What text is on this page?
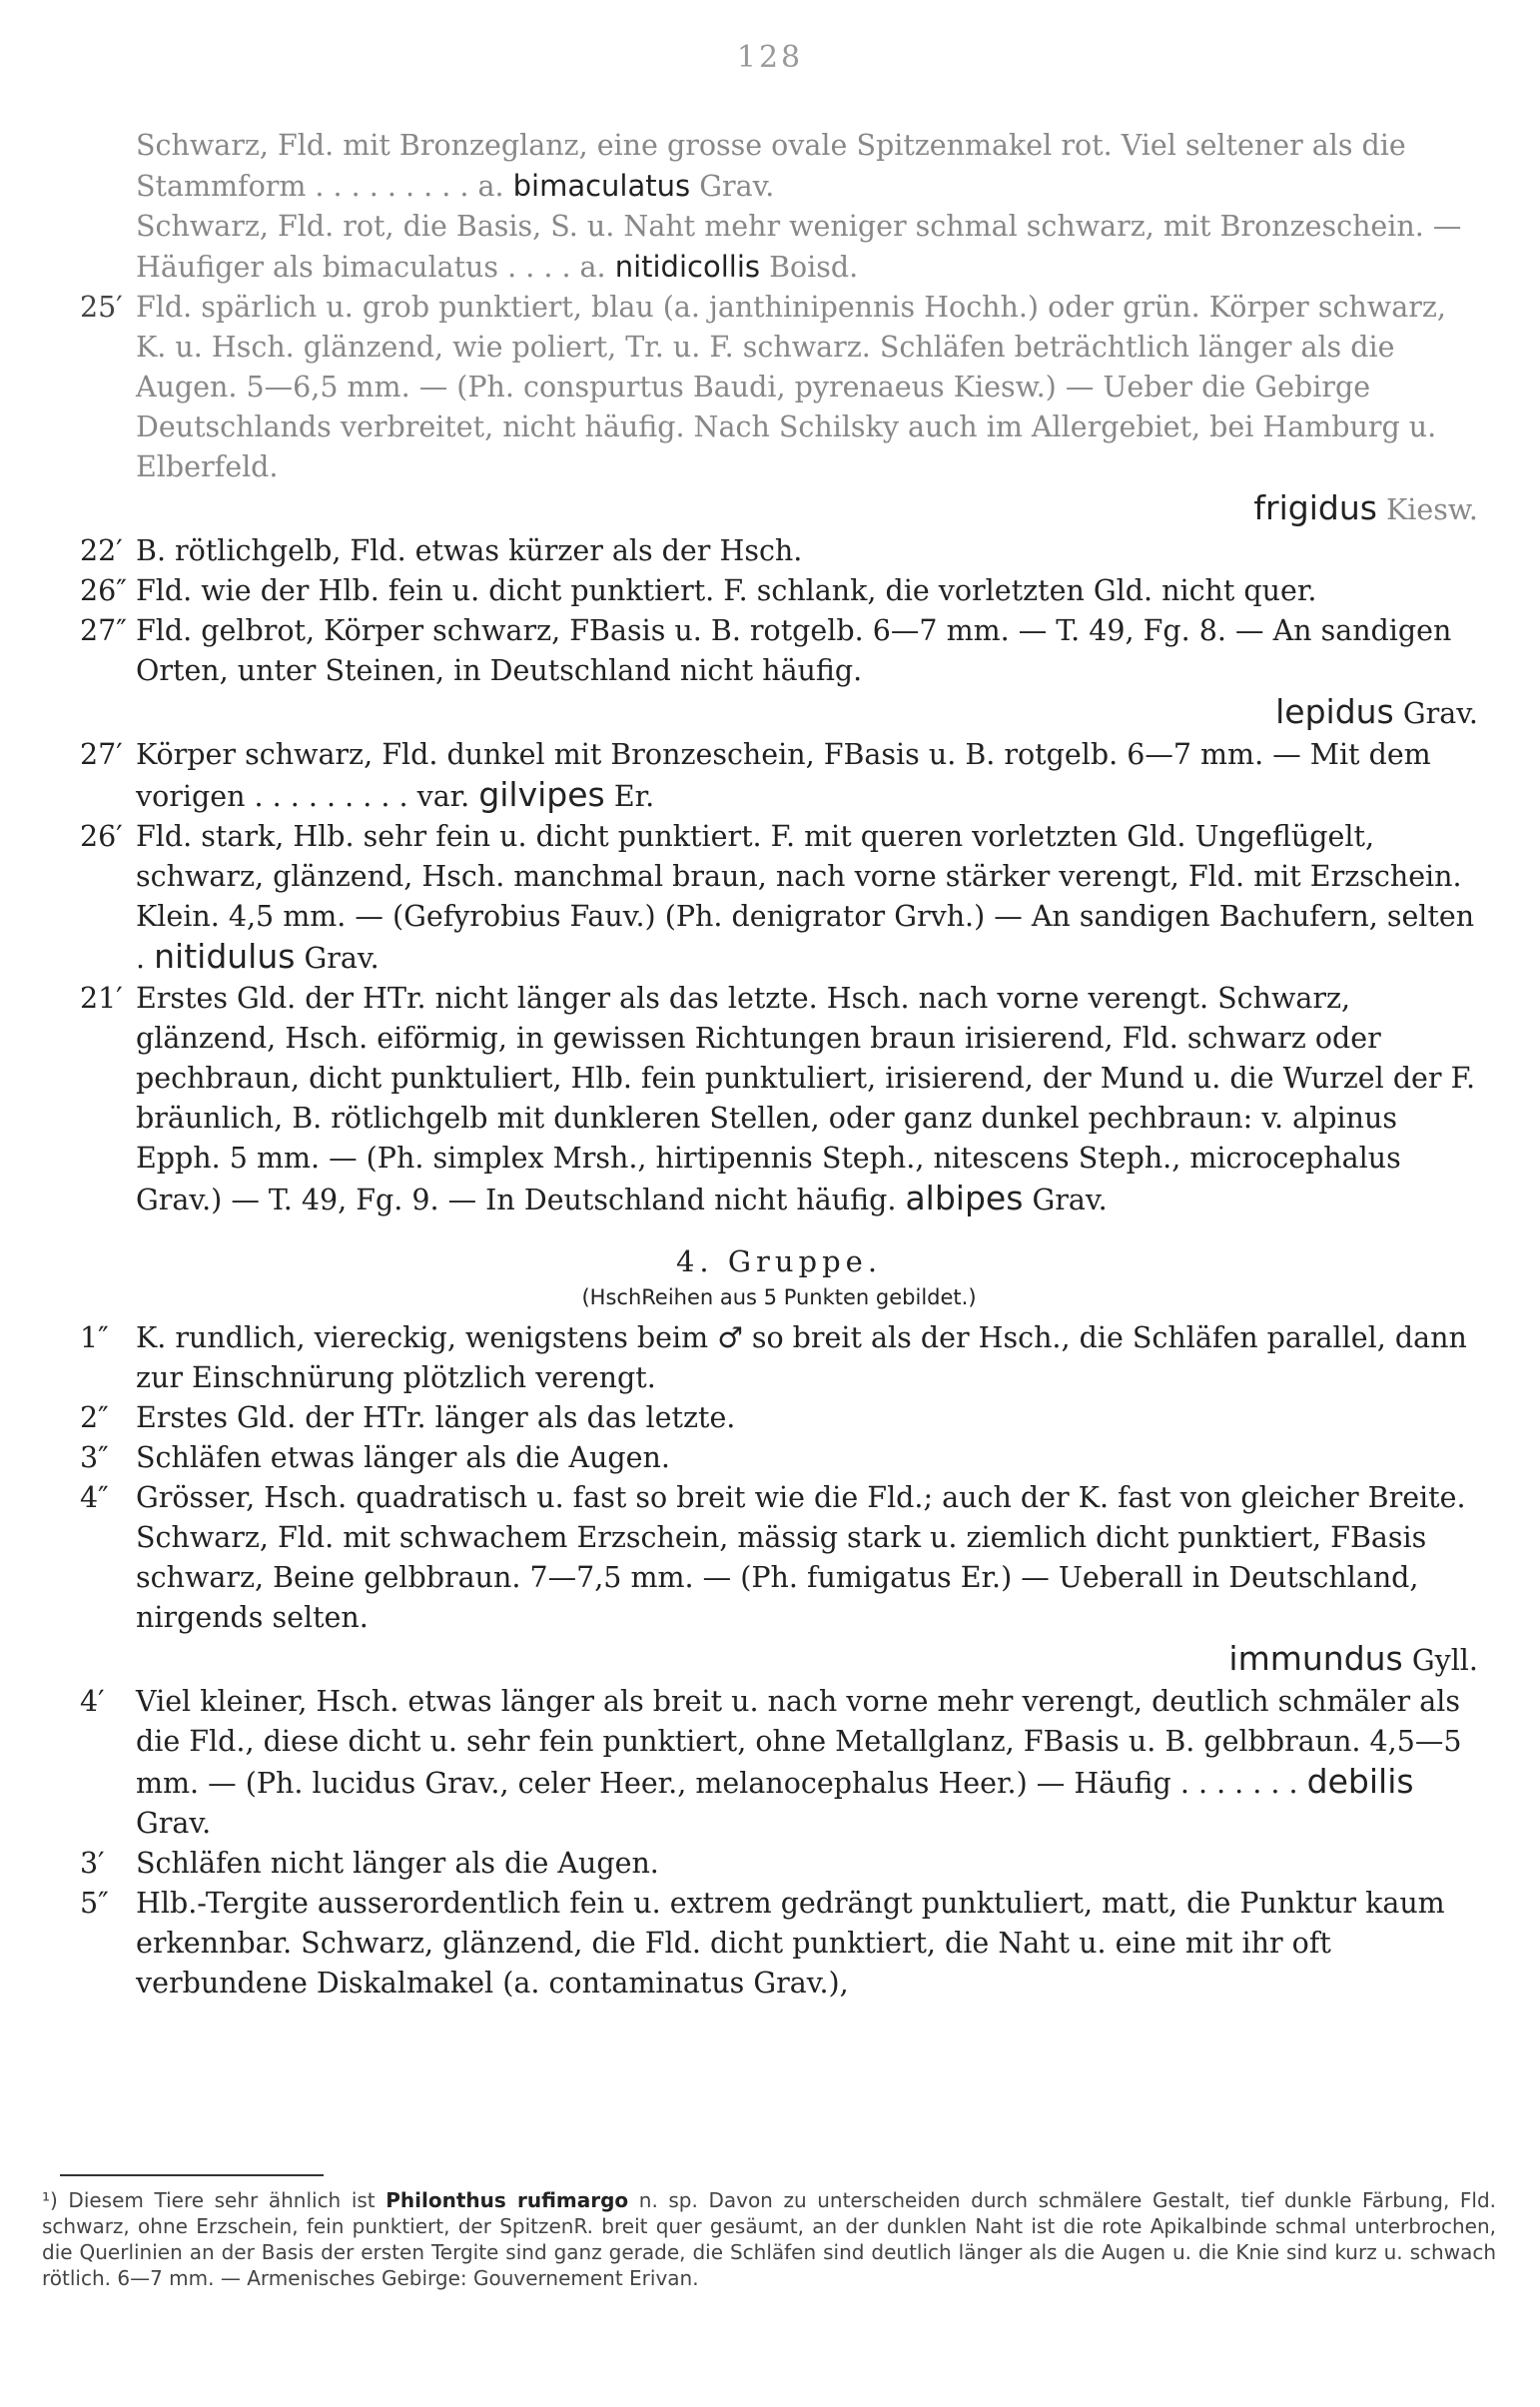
128

Schwarz, Fld. mit Bronzeglanz, eine grosse ovale Spitzenmakel rot. Viel seltener als die Stammform . . . . . . . . . a. bimaculatus Grav.

Schwarz, Fld. rot, die Basis, S. u. Naht mehr weniger schmal schwarz, mit Bronzeschein. — Häufiger als bimaculatus . . . . a. nitidicollis Boisd.

25′ Fld. spärlich u. grob punktiert, blau (a. janthinipennis Hochh.) oder grün. Körper schwarz, K. u. Hsch. glänzend, wie poliert, Tr. u. F. schwarz. Schläfen beträchtlich länger als die Augen. 5—6,5 mm. — (Ph. conspurtus Baudi, pyrenaeus Kiesw.) — Ueber die Gebirge Deutschlands verbreitet, nicht häufig. Nach Schilsky auch im Allergebiet, bei Hamburg u. Elberfeld.

frigidus Kiesw.

22′ B. rötlichgelb, Fld. etwas kürzer als der Hsch.

26″ Fld. wie der Hlb. fein u. dicht punktiert. F. schlank, die vorletzten Gld. nicht quer.

27″ Fld. gelbrot, Körper schwarz, FBasis u. B. rotgelb. 6—7 mm. — T. 49, Fg. 8. — An sandigen Orten, unter Steinen, in Deutschland nicht häufig.

lepidus Grav.

27′ Körper schwarz, Fld. dunkel mit Bronzeschein, FBasis u. B. rotgelb. 6—7 mm. — Mit dem vorigen . . . . . . . . . var. gilvipes Er.

26′ Fld. stark, Hlb. sehr fein u. dicht punktiert. F. mit queren vorletzten Gld. Ungeflügelt, schwarz, glänzend, Hsch. manchmal braun, nach vorne stärker verengt, Fld. mit Erzschein. Klein. 4,5 mm. — (Gefyrobius Fauv.) (Ph. denigrator Grvh.) — An sandigen Bachufern, selten . nitidulus Grav.

21′ Erstes Gld. der HTr. nicht länger als das letzte. Hsch. nach vorne verengt. Schwarz, glänzend, Hsch. eiförmig, in gewissen Richtungen braun irisierend, Fld. schwarz oder pechbraun, dicht punktuliert, Hlb. fein punktuliert, irisierend, der Mund u. die Wurzel der F. bräunlich, B. rötlichgelb mit dunkleren Stellen, oder ganz dunkel pechbraun: v. alpinus Epph. 5 mm. — (Ph. simplex Mrsh., hirtipennis Steph., nitescens Steph., microcephalus Grav.) — T. 49, Fg. 9. — In Deutschland nicht häufig. albipes Grav.

4. Gruppe.
(HschReihen aus 5 Punkten gebildet.)

1″ K. rundlich, viereckig, wenigstens beim ♂ so breit als der Hsch., die Schläfen parallel, dann zur Einschnürung plötzlich verengt.

2″ Erstes Gld. der HTr. länger als das letzte.

3″ Schläfen etwas länger als die Augen.

4″ Grösser, Hsch. quadratisch u. fast so breit wie die Fld.; auch der K. fast von gleicher Breite. Schwarz, Fld. mit schwachem Erzschein, mässig stark u. ziemlich dicht punktiert, FBasis schwarz, Beine gelbbraun. 7—7,5 mm. — (Ph. fumigatus Er.) — Ueberall in Deutschland, nirgends selten.

immundus Gyll.

4′	Viel kleiner, Hsch. etwas länger als breit u. nach vorne mehr verengt, deutlich schmäler als die Fld., diese dicht u. sehr fein punktiert, ohne Metallglanz, FBasis u. B. gelbbraun. 4,5—5 mm. — (Ph. lucidus Grav., celer Heer., melanocephalus Heer.) — Häufig . . . . . . . debilis Grav.

3′	Schläfen nicht länger als die Augen.

5″ Hlb.-Tergite ausserordentlich fein u. extrem gedrängt punktuliert, matt, die Punktur kaum erkennbar. Schwarz, glänzend, die Fld. dicht punktiert, die Naht u. eine mit ihr oft verbundene Diskalmakel (a. contaminatus Grav.),

¹) Diesem Tiere sehr ähnlich ist Philonthus rufimargo n. sp. Davon zu unterscheiden durch schmälere Gestalt, tief dunkle Färbung, Fld. schwarz, ohne Erzschein, fein punktiert, der SpitzenR. breit quer gesäumt, an der dunklen Naht ist die rote Apikalbinde schmal unterbrochen, die Querlinien an der Basis der ersten Tergite sind ganz gerade, die Schläfen sind deutlich länger als die Augen u. die Knie sind kurz u. schwach rötlich. 6—7 mm. — Armenisches Gebirge: Gouvernement Erivan.
